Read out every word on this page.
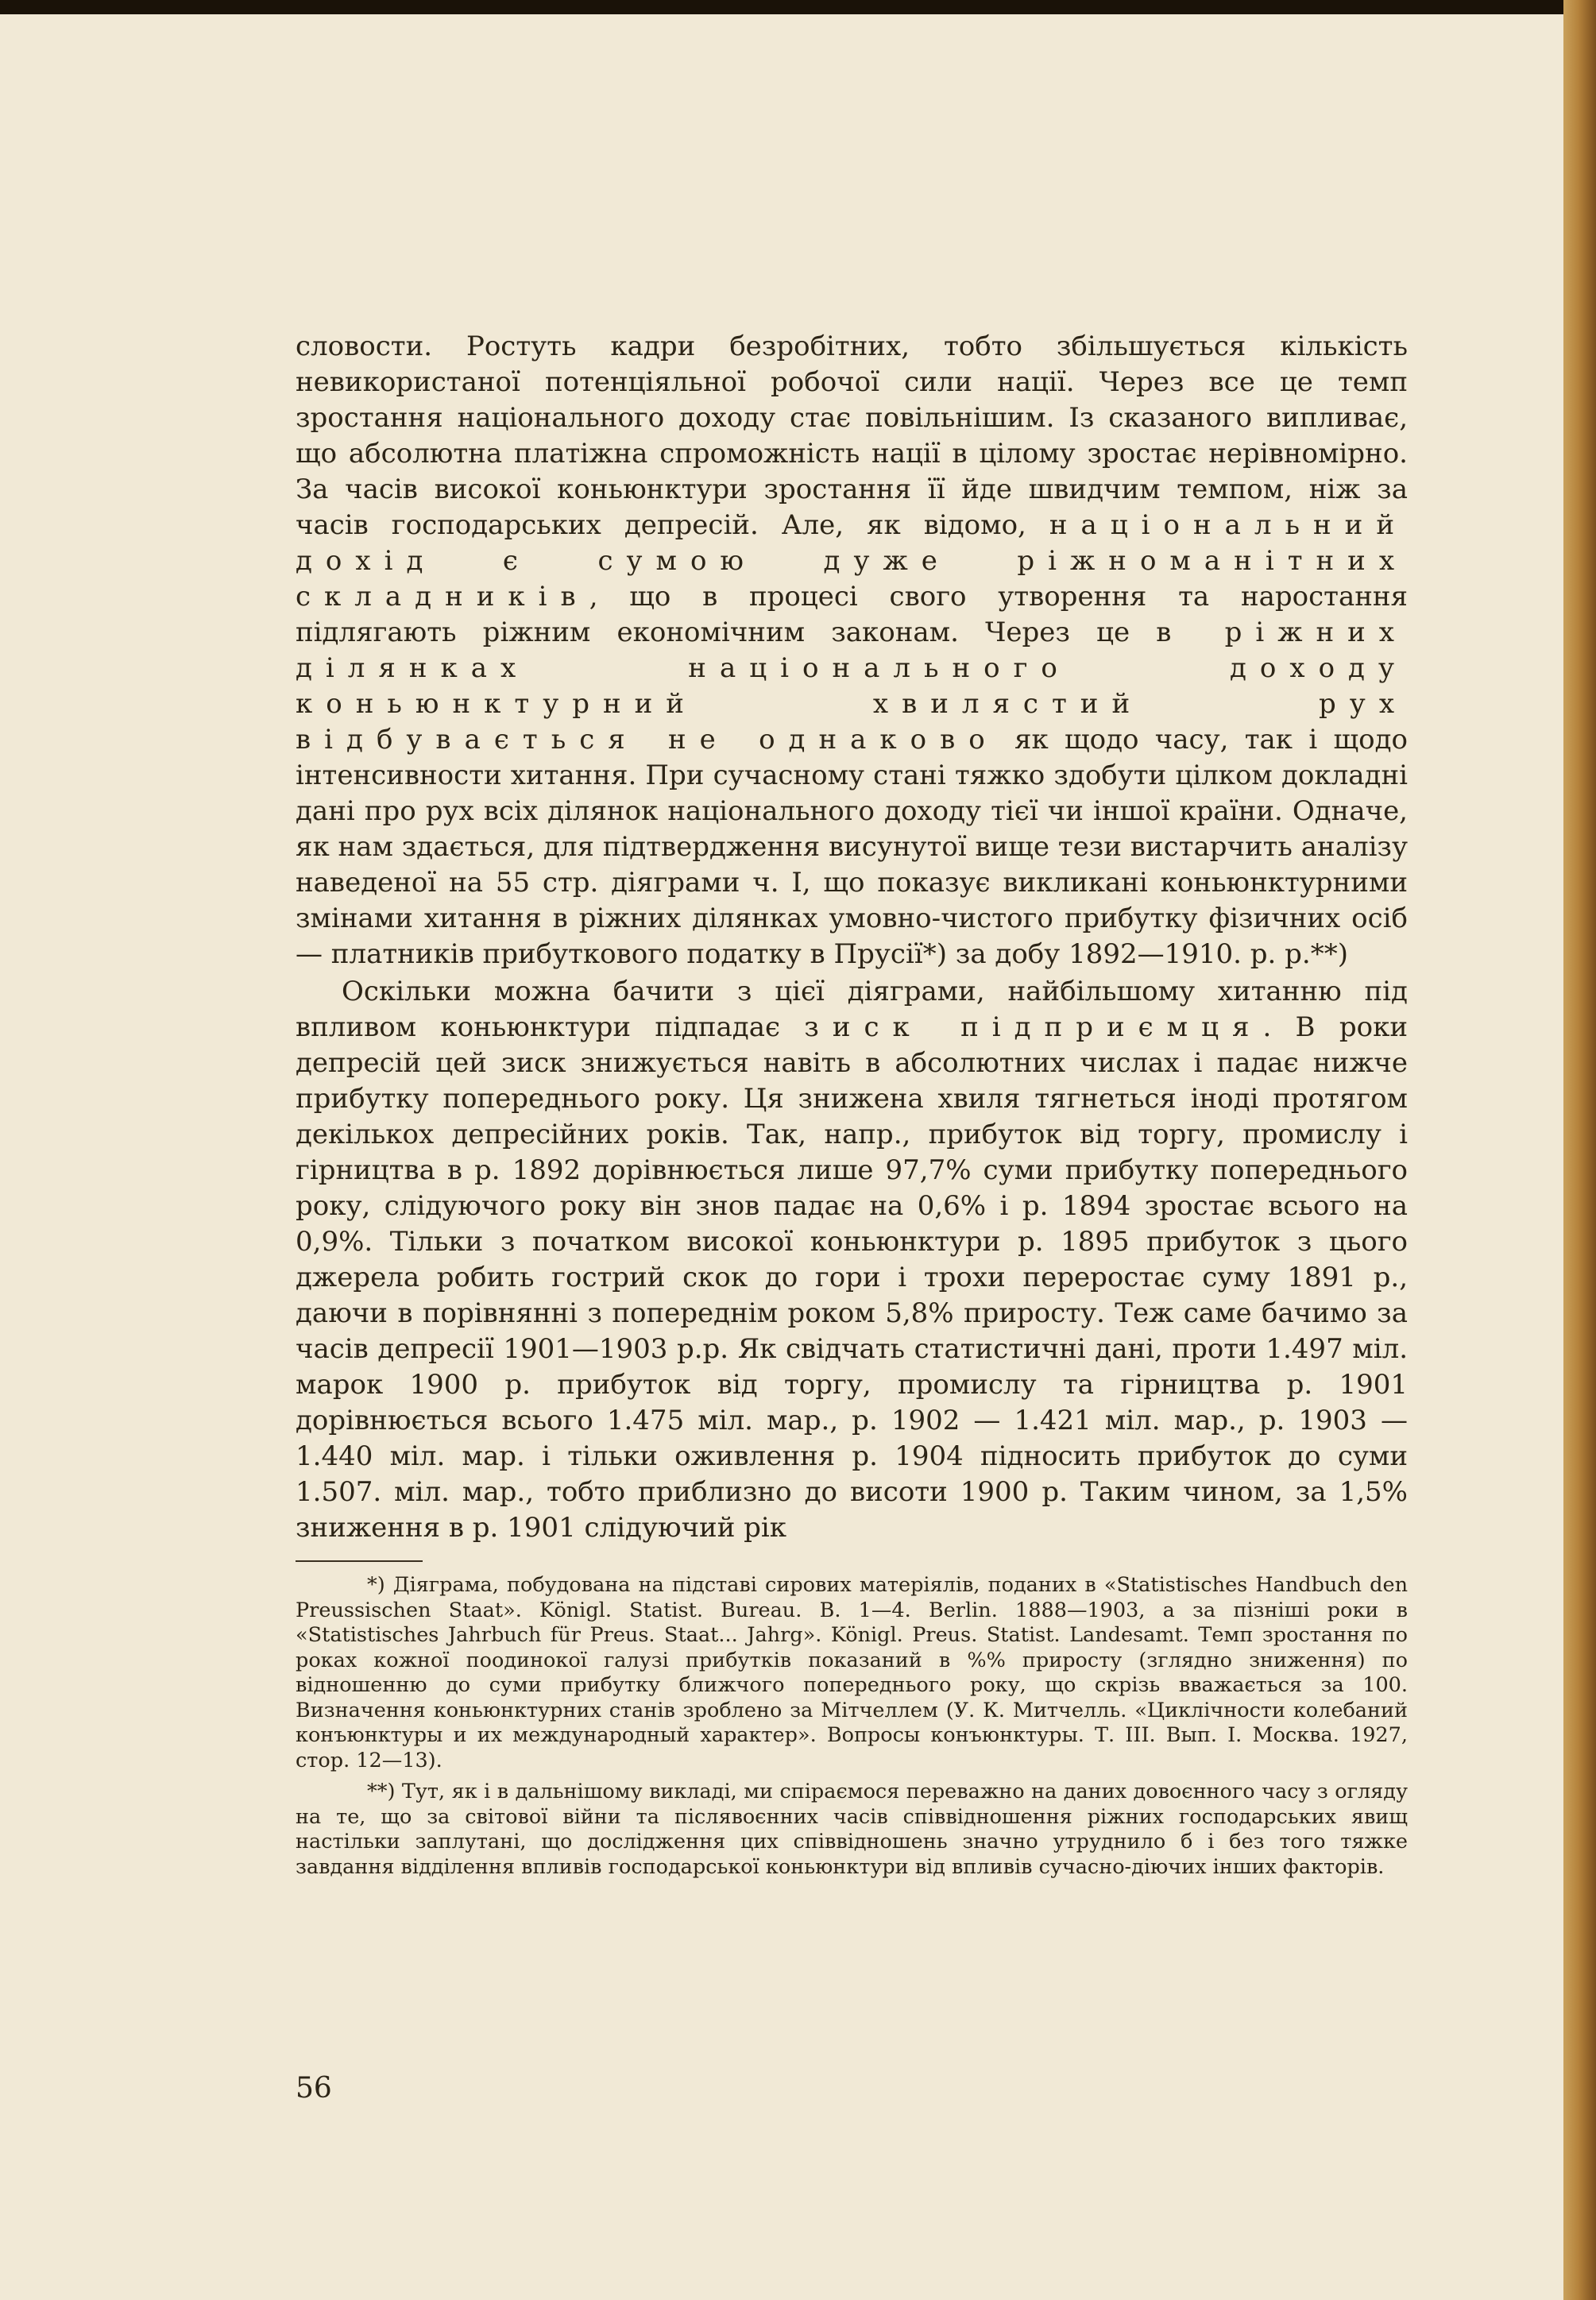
словости. Ростуть кадри безробітних, тобто збільшується кількість невикористаної потенціяльної робочої сили нації. Через все це темп зростання національного доходу стає повільнішим. Із сказаного випливає, що абсолютна платіжна спроможність нації в цілому зростає нерівномірно. За часів високої коньюнктури зростання її йде швидчим темпом, ніж за часів господарських депресій. Але, як відомо, національний дохід є сумою дуже ріжноманітних складників, що в процесі свого утворення та наростання підлягають ріжним економічним законам. Через це в ріжних ділянках національного доходу коньюнктурний хвилястий рух відбувається не однаково як щодо часу, так і щодо інтенсивности хитання. При сучасному стані тяжко здобути цілком докладні дані про рух всіх ділянок національного доходу тієї чи іншої країни. Одначе, як нам здається, для підтвердження висунутої вище тези вистарчить аналізу наведеної на 55 стр. діяграми ч. I, що показує викликані коньюнктурними змінами хитання в ріжних ділянках умовно-чистого прибутку фізичних осіб — платників прибуткового податку в Прусії*) за добу 1892—1910. р. р.**)

Оскільки можна бачити з цієї діяграми, найбільшому хитанню під впливом коньюнктури підпадає зиск підприємця. В роки депресій цей зиск знижується навіть в абсолютних числах і падає нижче прибутку попереднього року. Ця знижена хвиля тягнеться іноді протягом декількох депресійних років. Так, напр., прибуток від торгу, промислу і гірництва в р. 1892 дорівнюється лише 97,7% суми прибутку попереднього року, слідуючого року він знов падає на 0,6% і р. 1894 зростає всього на 0,9%. Тільки з початком високої коньюнктури р. 1895 прибуток з цього джерела робить гострий скок до гори і трохи переростає суму 1891 р., даючи в порівнянні з попереднім роком 5,8% приросту. Теж саме бачимо за часів депресії 1901—1903 р.р. Як свідчать статистичні дані, проти 1.497 міл. марок 1900 р. прибуток від торгу, промислу та гірництва р. 1901 дорівнюється всього 1.475 міл. мар., р. 1902 — 1.421 міл. мар., р. 1903 — 1.440 міл. мар. і тільки оживлення р. 1904 підносить прибуток до суми 1.507. міл. мар., тобто приблизно до висоти 1900 р. Таким чином, за 1,5% зниження в р. 1901 слідуючий рік

*) Діяграма, побудована на підставі сирових матеріялів, поданих в «Statistisches Handbuch den Preussischen Staat». Königl. Statist. Bureau. B. 1—4. Berlin. 1888—1903, а за пізніші роки в «Statistisches Jahrbuch für Preus. Staat... Jahrg». Königl. Preus. Statist. Landesamt. Темп зростання по роках кожної поодинокої галузі прибутків показаний в %% приросту (зглядно зниження) по відношенню до суми прибутку ближчого попереднього року, що скрізь вважається за 100. Визначення коньюнктурних станів зроблено за Мітчеллем (У. К. Митчелль. «Циклічности колебаний конъюнктуры и их международный характер». Вопросы конъюнктуры. Т. III. Вып. I. Москва. 1927, стор. 12—13).

**) Тут, як і в дальнішому викладі, ми спіраємося переважно на даних довоєнного часу з огляду на те, що за світової війни та післявоєнних часів співвідношення ріжних господарських явищ настільки заплутані, що дослідження цих співвідношень значно утруднило б і без того тяжке завдання відділення впливів господарської коньюнктури від впливів сучасно-діючих інших факторів.

56
